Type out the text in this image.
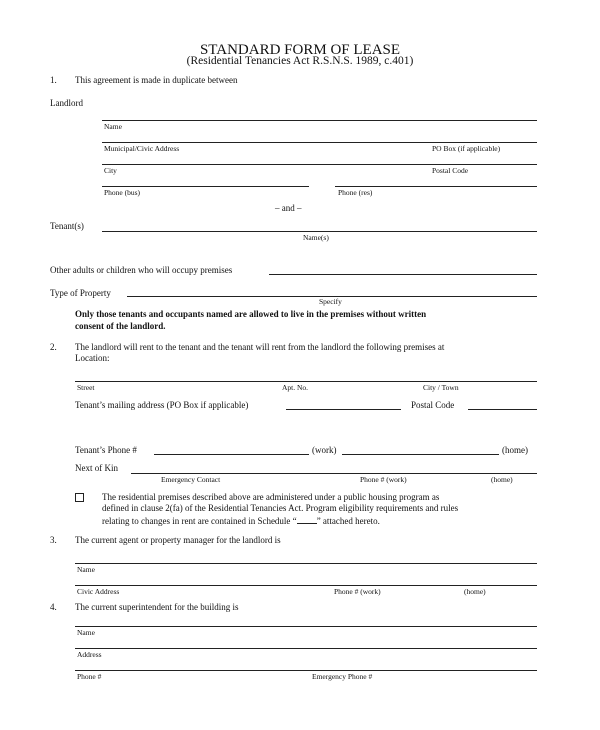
STANDARD FORM OF LEASE
(Residential Tenancies Act R.S.N.S. 1989, c.401)
1. This agreement is made in duplicate between
Landlord
Name
Municipal/Civic Address	PO Box (if applicable)
City	Postal Code
Phone (bus)	Phone (res)
– and –
Tenant(s)
Name(s)
Other adults or children who will occupy premises
Type of Property
Specify
Only those tenants and occupants named are allowed to live in the premises without written
consent of the landlord.
2. The landlord will rent to the tenant and the tenant will rent from the landlord the following premises at
Location:
Street	Apt. No.	City / Town
Tenant’s mailing address (PO Box if applicable)	Postal Code
Tenant’s Phone #	(work)	(home)
Next of Kin
Emergency Contact	Phone # (work)	(home)
The residential premises described above are administered under a public housing program as
defined in clause 2(fa) of the Residential Tenancies Act. Program eligibility requirements and rules
relating to changes in rent are contained in Schedule “ ” attached hereto.
3. The current agent or property manager for the landlord is
Name
Civic Address	Phone # (work)	(home)
4. The current superintendent for the building is
Name
Address
Phone #	Emergency Phone #
